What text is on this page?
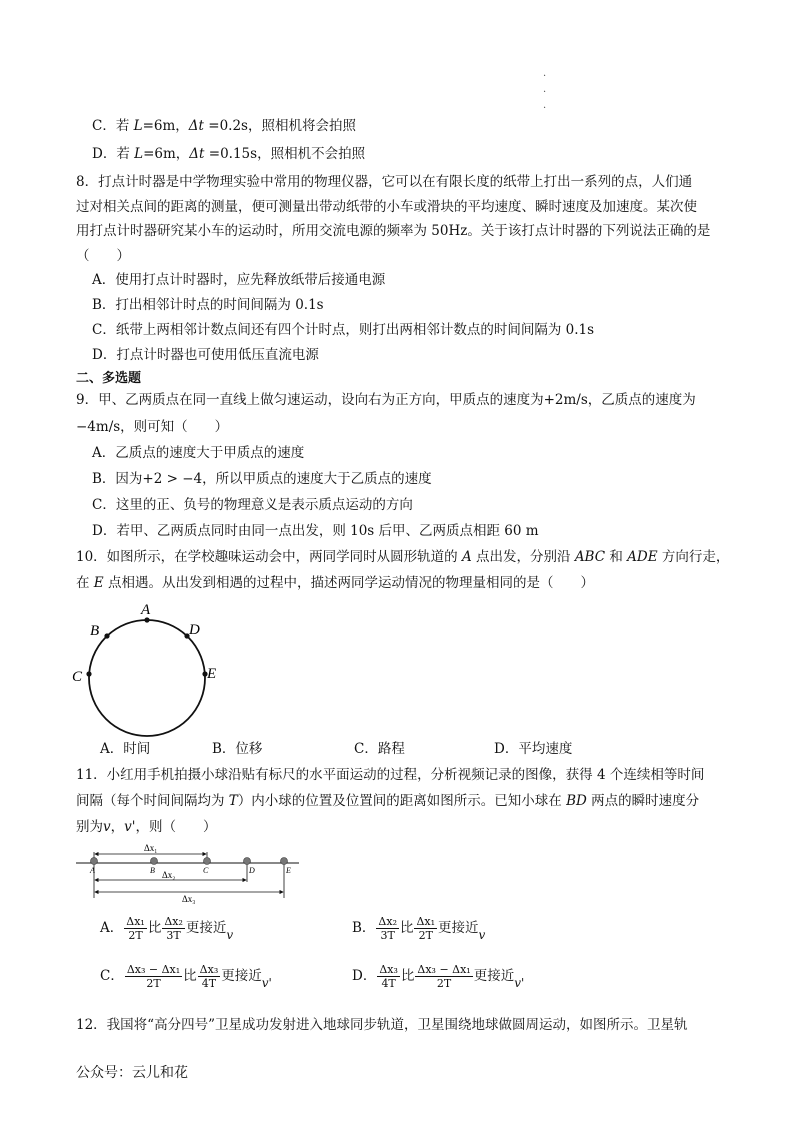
·
·
·
C．若 L=6m，Δt =0.2s，照相机将会拍照
D．若 L=6m，Δt =0.15s，照相机不会拍照
8．打点计时器是中学物理实验中常用的物理仪器，它可以在有限长度的纸带上打出一系列的点，人们通
过对相关点间的距离的测量，便可测量出带动纸带的小车或滑块的平均速度、瞬时速度及加速度。某次使
用打点计时器研究某小车的运动时，所用交流电源的频率为 50Hz。关于该打点计时器的下列说法正确的是
（　　）
A．使用打点计时器时，应先释放纸带后接通电源
B．打出相邻计时点的时间间隔为 0.1s
C．纸带上两相邻计数点间还有四个计时点，则打出两相邻计数点的时间间隔为 0.1s
D．打点计时器也可使用低压直流电源
二、多选题
9．甲、乙两质点在同一直线上做匀速运动，设向右为正方向，甲质点的速度为+2m/s，乙质点的速度为
−4m/s，则可知（　　）
A．乙质点的速度大于甲质点的速度
B．因为+2 > −4，所以甲质点的速度大于乙质点的速度
C．这里的正、负号的物理意义是表示质点运动的方向
D．若甲、乙两质点同时由同一点出发，则 10s 后甲、乙两质点相距 60 m
10．如图所示，在学校趣味运动会中，两同学同时从圆形轨道的 A 点出发，分别沿 ABC 和 ADE 方向行走，
在 E 点相遇。从出发到相遇的过程中，描述两同学运动情况的物理量相同的是（　　）
A
B	D
C	E
A．时间	B．位移	C．路程	D．平均速度
11．小红用手机拍摄小球沿贴有标尺的水平面运动的过程，分析视频记录的图像，获得 4 个连续相等时间
间隔（每个时间间隔均为 T）内小球的位置及位置间的距离如图所示。已知小球在 BD 两点的瞬时速度分
别为v，v'，则（　　）
Δx₁
A	B	C	D	E
Δx₂
Δx₃
A． $\frac{\text{Δx₁}}{2T}$ 比 $\frac{\text{Δx₂}}{3T}$ 更接近v	B． $\frac{\text{Δx₂}}{3T}$ 比 $\frac{\text{Δx₁}}{2T}$ 更接近v
C． $\frac{\text{Δx₃ − Δx₁}}{2T}$ 比 $\frac{\text{Δx₃}}{4T}$ 更接近v'	D． $\frac{\text{Δx₃}}{4T}$ 比 $\frac{\text{Δx₃ − Δx₁}}{2T}$ 更接近v'
12．我国将“高分四号”卫星成功发射进入地球同步轨道，卫星围绕地球做圆周运动，如图所示。卫星轨
公众号：云儿和花
